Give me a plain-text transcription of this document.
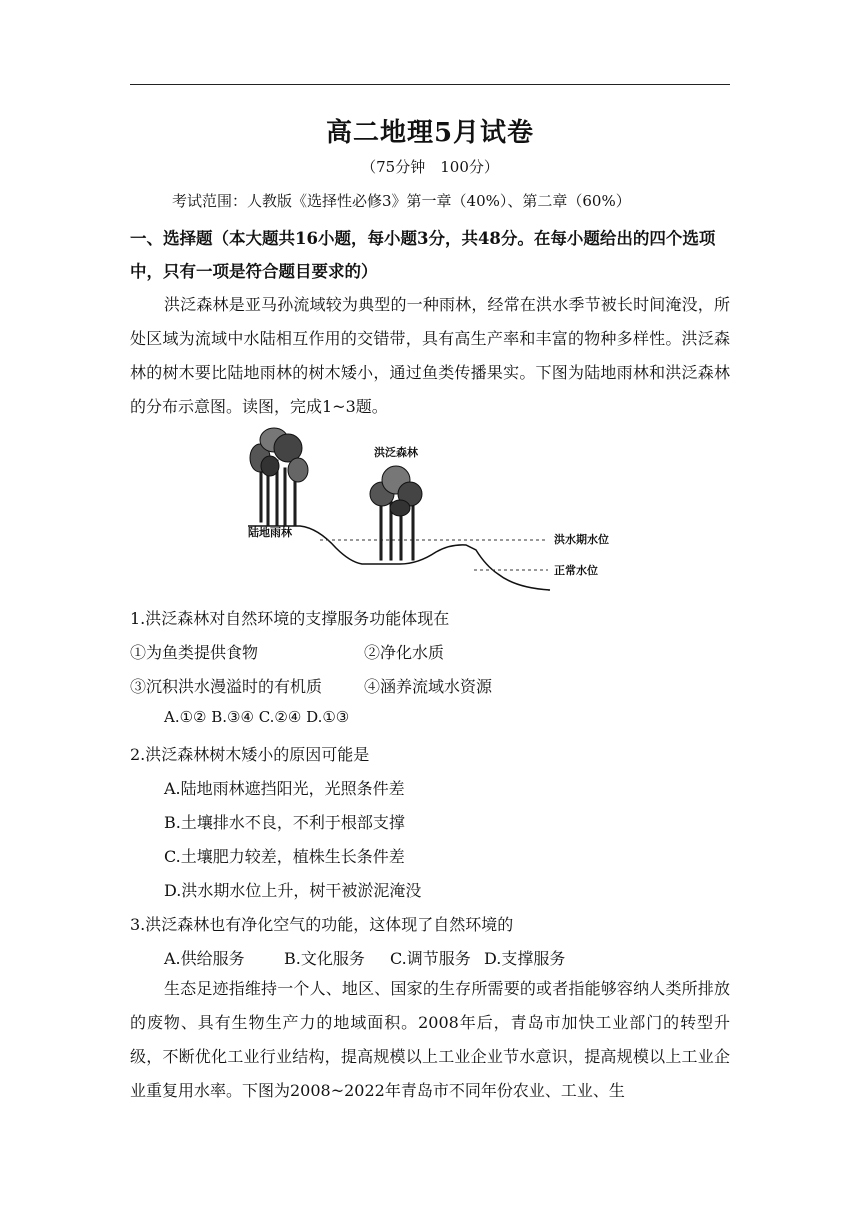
高二地理5月试卷
（75分钟　100分）
考试范围：人教版《选择性必修3》第一章（40%）、第二章（60%）
一、选择题（本大题共16小题，每小题3分，共48分。在每小题给出的四个选项中，只有一项是符合题目要求的）
洪泛森林是亚马孙流域较为典型的一种雨林，经常在洪水季节被长时间淹没，所处区域为流域中水陆相互作用的交错带，具有高生产率和丰富的物种多样性。洪泛森林的树木要比陆地雨林的树木矮小，通过鱼类传播果实。下图为陆地雨林和洪泛森林的分布示意图。读图，完成1~3题。
洪泛森林
陆地雨林
洪水期水位
正常水位
1.洪泛森林对自然环境的支撑服务功能体现在
①为鱼类提供食物	②净化水质
③沉积洪水漫溢时的有机质	④涵养流域水资源
A.①② B.③④ C.②④ D.①③
2.洪泛森林树木矮小的原因可能是
A.陆地雨林遮挡阳光，光照条件差
B.土壤排水不良，不利于根部支撑
C.土壤肥力较差，植株生长条件差
D.洪水期水位上升，树干被淤泥淹没
3.洪泛森林也有净化空气的功能，这体现了自然环境的
A.供给服务 B.文化服务 C.调节服务 D.支撑服务
生态足迹指维持一个人、地区、国家的生存所需要的或者指能够容纳人类所排放的废物、具有生物生产力的地域面积。2008年后，青岛市加快工业部门的转型升级，不断优化工业行业结构，提高规模以上工业企业节水意识，提高规模以上工业企业重复用水率。下图为2008~2022年青岛市不同年份农业、工业、生
